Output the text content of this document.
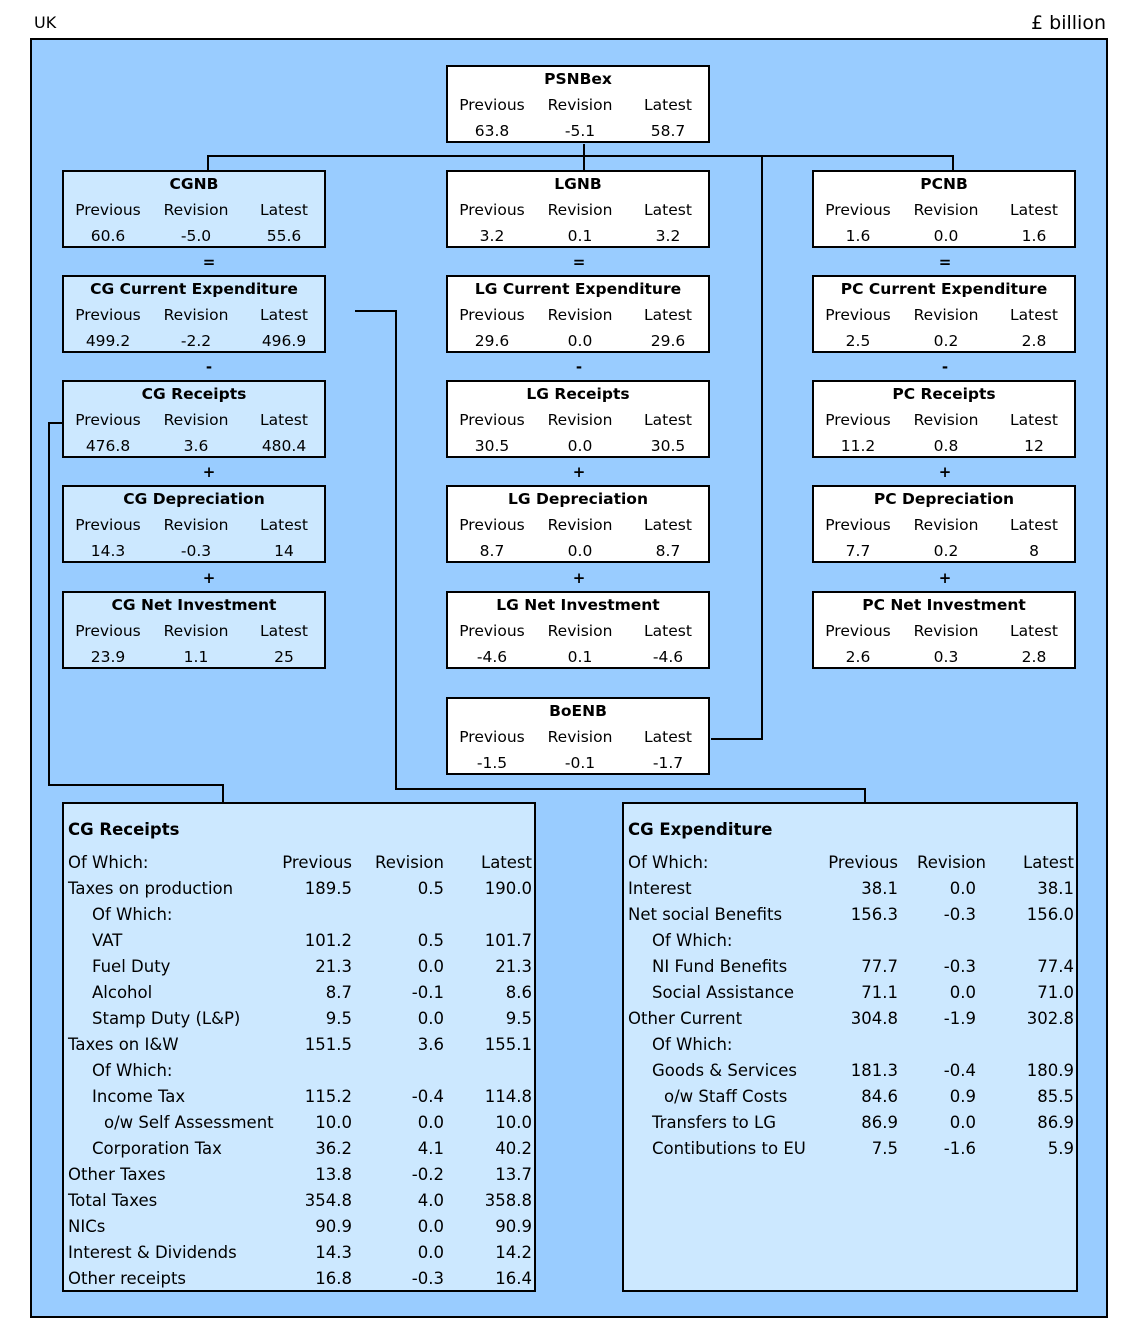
UK	£ billion
PSNBex
Previous	Revision	Latest
63.8	-5.1	58.7
CGNB
Previous	Revision	Latest
60.6	-5.0	55.6
LGNB
Previous	Revision	Latest
3.2	0.1	3.2
PCNB
Previous	Revision	Latest
1.6	0.0	1.6
=	=	=
CG Current Expenditure
Previous	Revision	Latest
499.2	-2.2	496.9
LG Current Expenditure
Previous	Revision	Latest
29.6	0.0	29.6
PC Current Expenditure
Previous	Revision	Latest
2.5	0.2	2.8
-	-	-
CG Receipts
Previous	Revision	Latest
476.8	3.6	480.4
LG Receipts
Previous	Revision	Latest
30.5	0.0	30.5
PC Receipts
Previous	Revision	Latest
11.2	0.8	12
+	+	+
CG Depreciation
Previous	Revision	Latest
14.3	-0.3	14
LG Depreciation
Previous	Revision	Latest
8.7	0.0	8.7
PC Depreciation
Previous	Revision	Latest
7.7	0.2	8
+	+	+
CG Net Investment
Previous	Revision	Latest
23.9	1.1	25
LG Net Investment
Previous	Revision	Latest
-4.6	0.1	-4.6
PC Net Investment
Previous	Revision	Latest
2.6	0.3	2.8
BoENB
Previous	Revision	Latest
-1.5	-0.1	-1.7
CG Receipts
Of Which:	Previous Revision Latest
Taxes on production	189.5	0.5 190.0
Of Which:
VAT	101.2	0.5 101.7
Fuel Duty	21.3	0.0	21.3
Alcohol	8.7	-0.1	8.6
Stamp Duty (L&P)	9.5	0.0	9.5
Taxes on I&W	151.5	3.6 155.1
Of Which:
Income Tax	115.2	-0.4 114.8
o/w Self Assessment	10.0	0.0	10.0
Corporation Tax	36.2	4.1	40.2
Other Taxes	13.8	-0.2	13.7
Total Taxes	354.8	4.0 358.8
NICs	90.9	0.0	90.9
Interest & Dividends	14.3	0.0	14.2
Other receipts	16.8	-0.3	16.4
CG Expenditure
Of Which:	Previous Revision Latest
Interest	38.1	0.0	38.1
Net social Benefits	156.3	-0.3	156.0
Of Which:
NI Fund Benefits	77.7	-0.3	77.4
Social Assistance	71.1	0.0	71.0
Other Current	304.8	-1.9	302.8
Of Which:
Goods & Services	181.3	-0.4	180.9
o/w Staff Costs	84.6	0.9	85.5
Transfers to LG	86.9	0.0	86.9
Contibutions to EU	7.5	-1.6	5.9
